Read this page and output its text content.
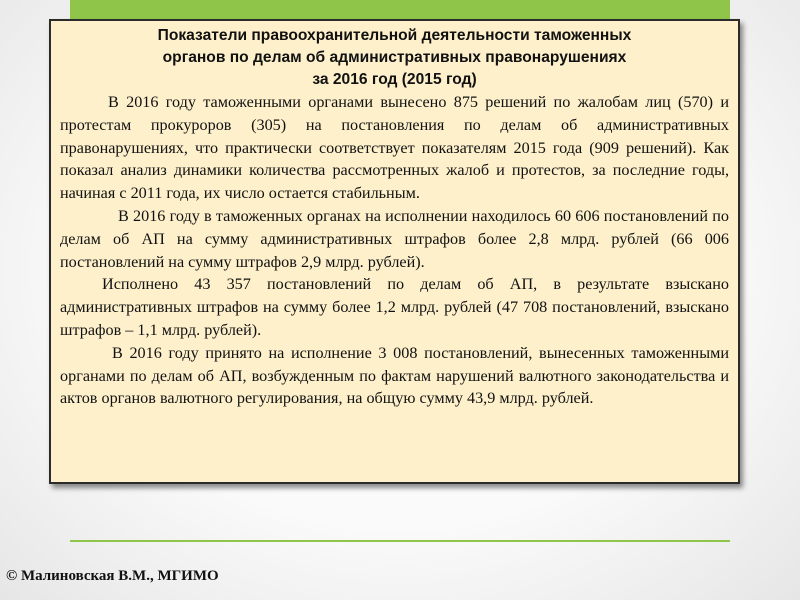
Показатели правоохранительной деятельности таможенных
органов по делам об административных правонарушениях
за 2016 год (2015 год)

В 2016 году таможенными органами вынесено 875 решений по жалобам лиц (570) и протестам прокуроров (305) на постановления по делам об административных правонарушениях, что практически соответствует показателям 2015 года (909 решений). Как показал анализ динамики количества рассмотренных жалоб и протестов, за последние годы, начиная с 2011 года, их число остается стабильным.

В 2016 году в таможенных органах на исполнении находилось 60 606 постановлений по делам об АП на сумму административных штрафов более 2,8 млрд. рублей (66 006 постановлений на сумму штрафов 2,9 млрд. рублей).

Исполнено 43 357 постановлений по делам об АП, в результате взыскано административных штрафов на сумму более 1,2 млрд. рублей (47 708 постановлений, взыскано штрафов – 1,1 млрд. рублей).

В 2016 году принято на исполнение 3 008 постановлений, вынесенных таможенными органами по делам об АП, возбужденным по фактам нарушений валютного законодательства и актов органов валютного регулирования, на общую сумму 43,9 млрд. рублей.

© Малиновская В.М., МГИМО
